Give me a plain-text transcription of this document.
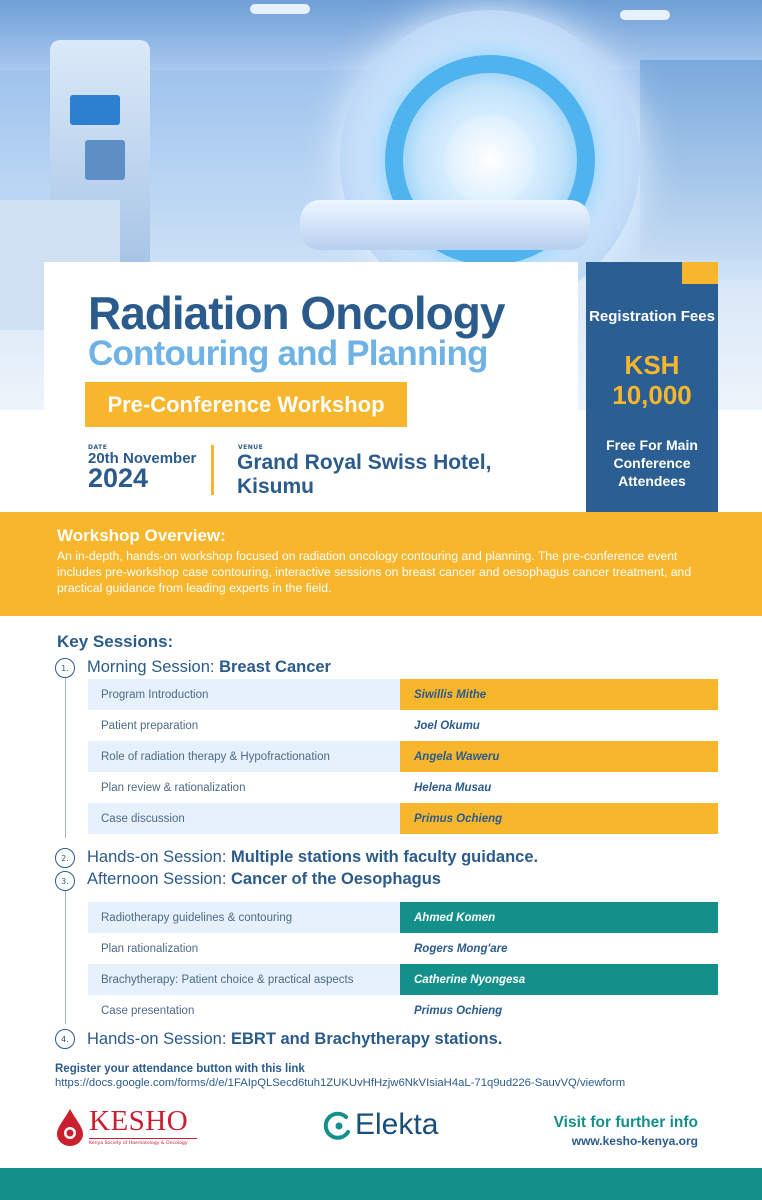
Radiation Oncology
Contouring and Planning
Pre-Conference Workshop
DATE
20th November
2024
VENUE
Grand Royal Swiss Hotel, Kisumu
Registration Fees
KSH
10,000
Free For Main Conference Attendees
Workshop Overview:
An in-depth, hands-on workshop focused on radiation oncology contouring and planning. The pre-conference event includes pre-workshop case contouring, interactive sessions on breast cancer and oesophagus cancer treatment, and practical guidance from leading experts in the field.
Key Sessions:
1.	Morning Session: Breast Cancer
Program Introduction	Siwillis Mithe
Patient preparation	Joel Okumu
Role of radiation therapy & Hypofractionation	Angela Waweru
Plan review & rationalization	Helena Musau
Case discussion	Primus Ochieng
2.	Hands-on Session: Multiple stations with faculty guidance.
3.	Afternoon Session: Cancer of the Oesophagus
Radiotherapy guidelines & contouring	Ahmed Komen
Plan rationalization	Rogers Mong'are
Brachytherapy: Patient choice & practical aspects	Catherine Nyongesa
Case presentation	Primus Ochieng
4.	Hands-on Session: EBRT and Brachytherapy stations.
Register your attendance button with this link
https://docs.google.com/forms/d/e/1FAIpQLSecd6tuh1ZUKUvHfHzjw6NkVIsiaH4aL-71q9ud226-SauvVQ/viewform
KESHO
Kenya Society of Haematology & Oncology
Elekta	Visit for further info
www.kesho-kenya.org
